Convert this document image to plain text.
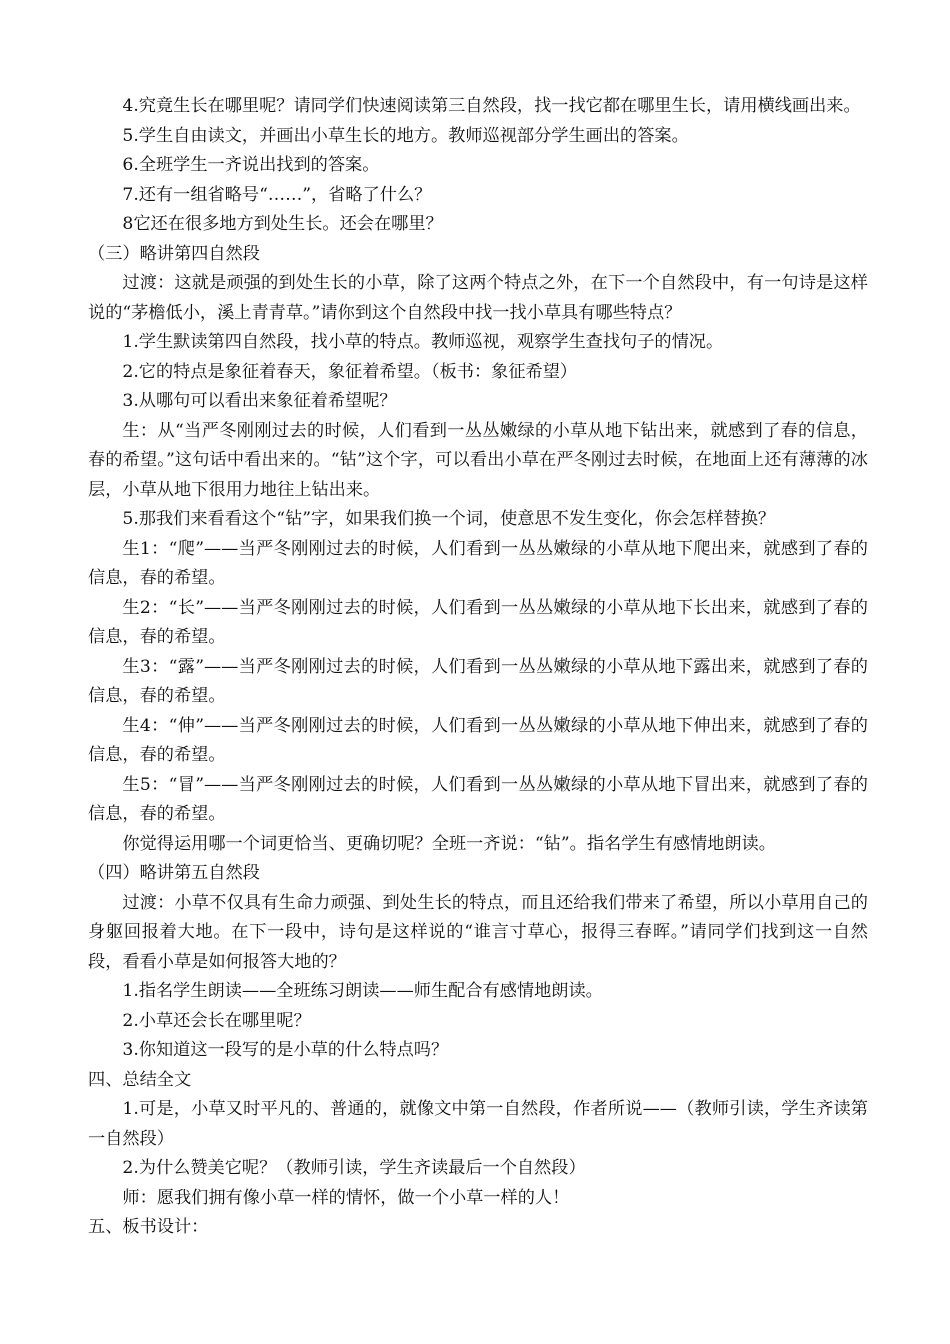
4.究竟生长在哪里呢？请同学们快速阅读第三自然段，找一找它都在哪里生长，请用横线画出来。

5.学生自由读文，并画出小草生长的地方。教师巡视部分学生画出的答案。

6.全班学生一齐说出找到的答案。

7.还有一组省略号“……”，省略了什么？

8它还在很多地方到处生长。还会在哪里？

（三）略讲第四自然段

过渡：这就是顽强的到处生长的小草，除了这两个特点之外，在下一个自然段中，有一句诗是这样说的“茅檐低小，溪上青青草。”请你到这个自然段中找一找小草具有哪些特点？

1.学生默读第四自然段，找小草的特点。教师巡视，观察学生查找句子的情况。

2.它的特点是象征着春天，象征着希望。（板书：象征希望）

3.从哪句可以看出来象征着希望呢？

生：从“当严冬刚刚过去的时候，人们看到一丛丛嫩绿的小草从地下钻出来，就感到了春的信息，春的希望。”这句话中看出来的。“钻”这个字，可以看出小草在严冬刚过去时候，在地面上还有薄薄的冰层，小草从地下很用力地往上钻出来。

5.那我们来看看这个“钻”字，如果我们换一个词，使意思不发生变化，你会怎样替换？

生1：“爬”——当严冬刚刚过去的时候，人们看到一丛丛嫩绿的小草从地下爬出来，就感到了春的信息，春的希望。

生2：“长”——当严冬刚刚过去的时候，人们看到一丛丛嫩绿的小草从地下长出来，就感到了春的信息，春的希望。

生3：“露”——当严冬刚刚过去的时候，人们看到一丛丛嫩绿的小草从地下露出来，就感到了春的信息，春的希望。

生4：“伸”——当严冬刚刚过去的时候，人们看到一丛丛嫩绿的小草从地下伸出来，就感到了春的信息，春的希望。

生5：“冒”——当严冬刚刚过去的时候，人们看到一丛丛嫩绿的小草从地下冒出来，就感到了春的信息，春的希望。

你觉得运用哪一个词更恰当、更确切呢？全班一齐说：“钻”。指名学生有感情地朗读。

（四）略讲第五自然段

过渡：小草不仅具有生命力顽强、到处生长的特点，而且还给我们带来了希望，所以小草用自己的身躯回报着大地。在下一段中，诗句是这样说的“谁言寸草心，报得三春晖。”请同学们找到这一自然段，看看小草是如何报答大地的？

1.指名学生朗读——全班练习朗读——师生配合有感情地朗读。

2.小草还会长在哪里呢？

3.你知道这一段写的是小草的什么特点吗？

四、总结全文

1.可是，小草又时平凡的、普通的，就像文中第一自然段，作者所说——（教师引读，学生齐读第一自然段）

2.为什么赞美它呢？（教师引读，学生齐读最后一个自然段）

师：愿我们拥有像小草一样的情怀，做一个小草一样的人！

五、板书设计：
